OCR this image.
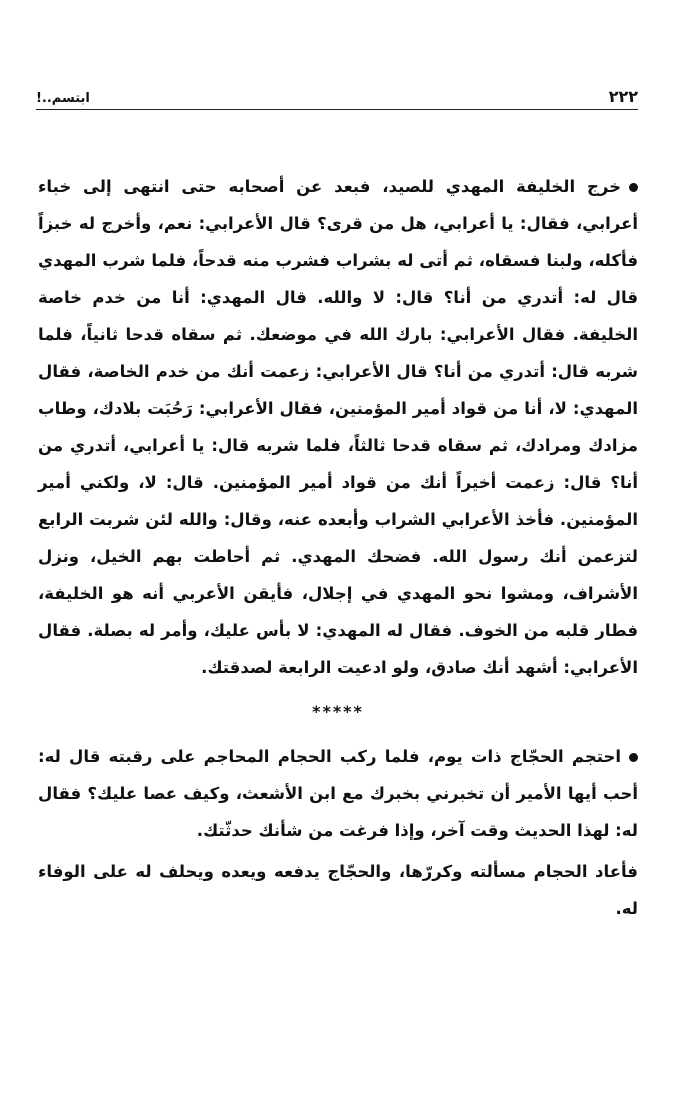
٢٢٢
ابتسم..!

خرج الخليفة المهدي للصيد، فبعد عن أصحابه حتى انتهى إلى خباء أعرابي، فقال: يا أعرابي، هل من قرى؟ قال الأعرابي: نعم، وأخرج له خبزاً فأكله، ولبنا فسقاه، ثم أتى له بشراب فشرب منه قدحاً، فلما شرب المهدي قال له: أتدري من أنا؟ قال: لا والله. قال المهدي: أنا من خدم خاصة الخليفة. فقال الأعرابي: بارك الله في موضعك. ثم سقاه قدحا ثانياً، فلما شربه قال: أتدري من أنا؟ قال الأعرابي: زعمت أنك من خدم الخاصة، فقال المهدي: لا، أنا من قواد أمير المؤمنين، فقال الأعرابي: رَحُبَت بلادك، وطاب مزادك ومرادك، ثم سقاه قدحا ثالثاً، فلما شربه قال: يا أعرابي، أتدري من أنا؟ قال: زعمت أخيراً أنك من قواد أمير المؤمنين. قال: لا، ولكني أمير المؤمنين. فأخذ الأعرابي الشراب وأبعده عنه، وقال: والله لئن شربت الرابع لتزعمن أنك رسول الله. فضحك المهدي. ثم أحاطت بهم الخيل، ونزل الأشراف، ومشوا نحو المهدي في إجلال، فأيقن الأعربي أنه هو الخليفة، فطار قلبه من الخوف. فقال له المهدي: لا بأس عليك، وأمر له بصلة. فقال الأعرابي: أشهد أنك صادق، ولو ادعيت الرابعة لصدقتك.

*****

احتجم الحجّاج ذات يوم، فلما ركب الحجام المحاجم على رقبته قال له: أحب أيها الأمير أن تخبرني بخبرك مع ابن الأشعث، وكيف عصا عليك؟ فقال له: لهذا الحديث وقت آخر، وإذا فرغت من شأنك حدثّتك.

فأعاد الحجام مسألته وكررّها، والحجّاج يدفعه ويعده ويحلف له على الوفاء له.
